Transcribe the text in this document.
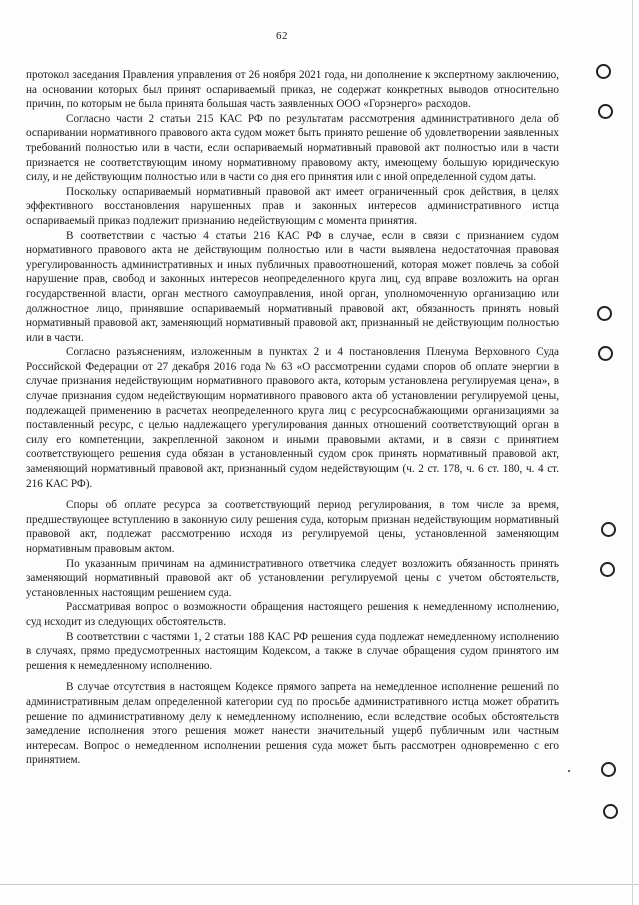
62

протокол заседания Правления управления от 26 ноября 2021 года, ни дополнение к экспертному заключению, на основании которых был принят оспариваемый приказ, не содержат конкретных выводов относительно причин, по которым не была принята большая часть заявленных ООО «Горэнерго» расходов.

Согласно части 2 статьи 215 КАС РФ по результатам рассмотрения административного дела об оспаривании нормативного правового акта судом может быть принято решение об удовлетворении заявленных требований полностью или в части, если оспариваемый нормативный правовой акт полностью или в части признается не соответствующим иному нормативному правовому акту, имеющему большую юридическую силу, и не действующим полностью или в части со дня его принятия или с иной определенной судом даты.

Поскольку оспариваемый нормативный правовой акт имеет ограниченный срок действия, в целях эффективного восстановления нарушенных прав и законных интересов административного истца оспариваемый приказ подлежит признанию недействующим с момента принятия.

В соответствии с частью 4 статьи 216 КАС РФ в случае, если в связи с признанием судом нормативного правового акта не действующим полностью или в части выявлена недостаточная правовая урегулированность административных и иных публичных правоотношений, которая может повлечь за собой нарушение прав, свобод и законных интересов неопределенного круга лиц, суд вправе возложить на орган государственной власти, орган местного самоуправления, иной орган, уполномоченную организацию или должностное лицо, принявшие оспариваемый нормативный правовой акт, обязанность принять новый нормативный правовой акт, заменяющий нормативный правовой акт, признанный не действующим полностью или в части.

Согласно разъяснениям, изложенным в пунктах 2 и 4 постановления Пленума Верховного Суда Российской Федерации от 27 декабря 2016 года № 63 «О рассмотрении судами споров об оплате энергии в случае признания недействующим нормативного правового акта, которым установлена регулируемая цена», в случае признания судом недействующим нормативного правового акта об установлении регулируемой цены, подлежащей применению в расчетах неопределенного круга лиц с ресурсоснабжающими организациями за поставленный ресурс, с целью надлежащего урегулирования данных отношений соответствующий орган в силу его компетенции, закрепленной законом и иными правовыми актами, и в связи с принятием соответствующего решения суда обязан в установленный судом срок принять нормативный правовой акт, заменяющий нормативный правовой акт, признанный судом недействующим (ч. 2 ст. 178, ч. 6 ст. 180, ч. 4 ст. 216 КАС РФ).

Споры об оплате ресурса за соответствующий период регулирования, в том числе за время, предшествующее вступлению в законную силу решения суда, которым признан недействующим нормативный правовой акт, подлежат рассмотрению исходя из регулируемой цены, установленной заменяющим нормативным правовым актом.

По указанным причинам на административного ответчика следует возложить обязанность принять заменяющий нормативный правовой акт об установлении регулируемой цены с учетом обстоятельств, установленных настоящим решением суда.

Рассматривая вопрос о возможности обращения настоящего решения к немедленному исполнению, суд исходит из следующих обстоятельств.

В соответствии с частями 1, 2 статьи 188 КАС РФ решения суда подлежат немедленному исполнению в случаях, прямо предусмотренных настоящим Кодексом, а также в случае обращения судом принятого им решения к немедленному исполнению.

В случае отсутствия в настоящем Кодексе прямого запрета на немедленное исполнение решений по административным делам определенной категории суд по просьбе административного истца может обратить решение по административному делу к немедленному исполнению, если вследствие особых обстоятельств замедление исполнения этого решения может нанести значительный ущерб публичным или частным интересам. Вопрос о немедленном исполнении решения суда может быть рассмотрен одновременно с его принятием.
